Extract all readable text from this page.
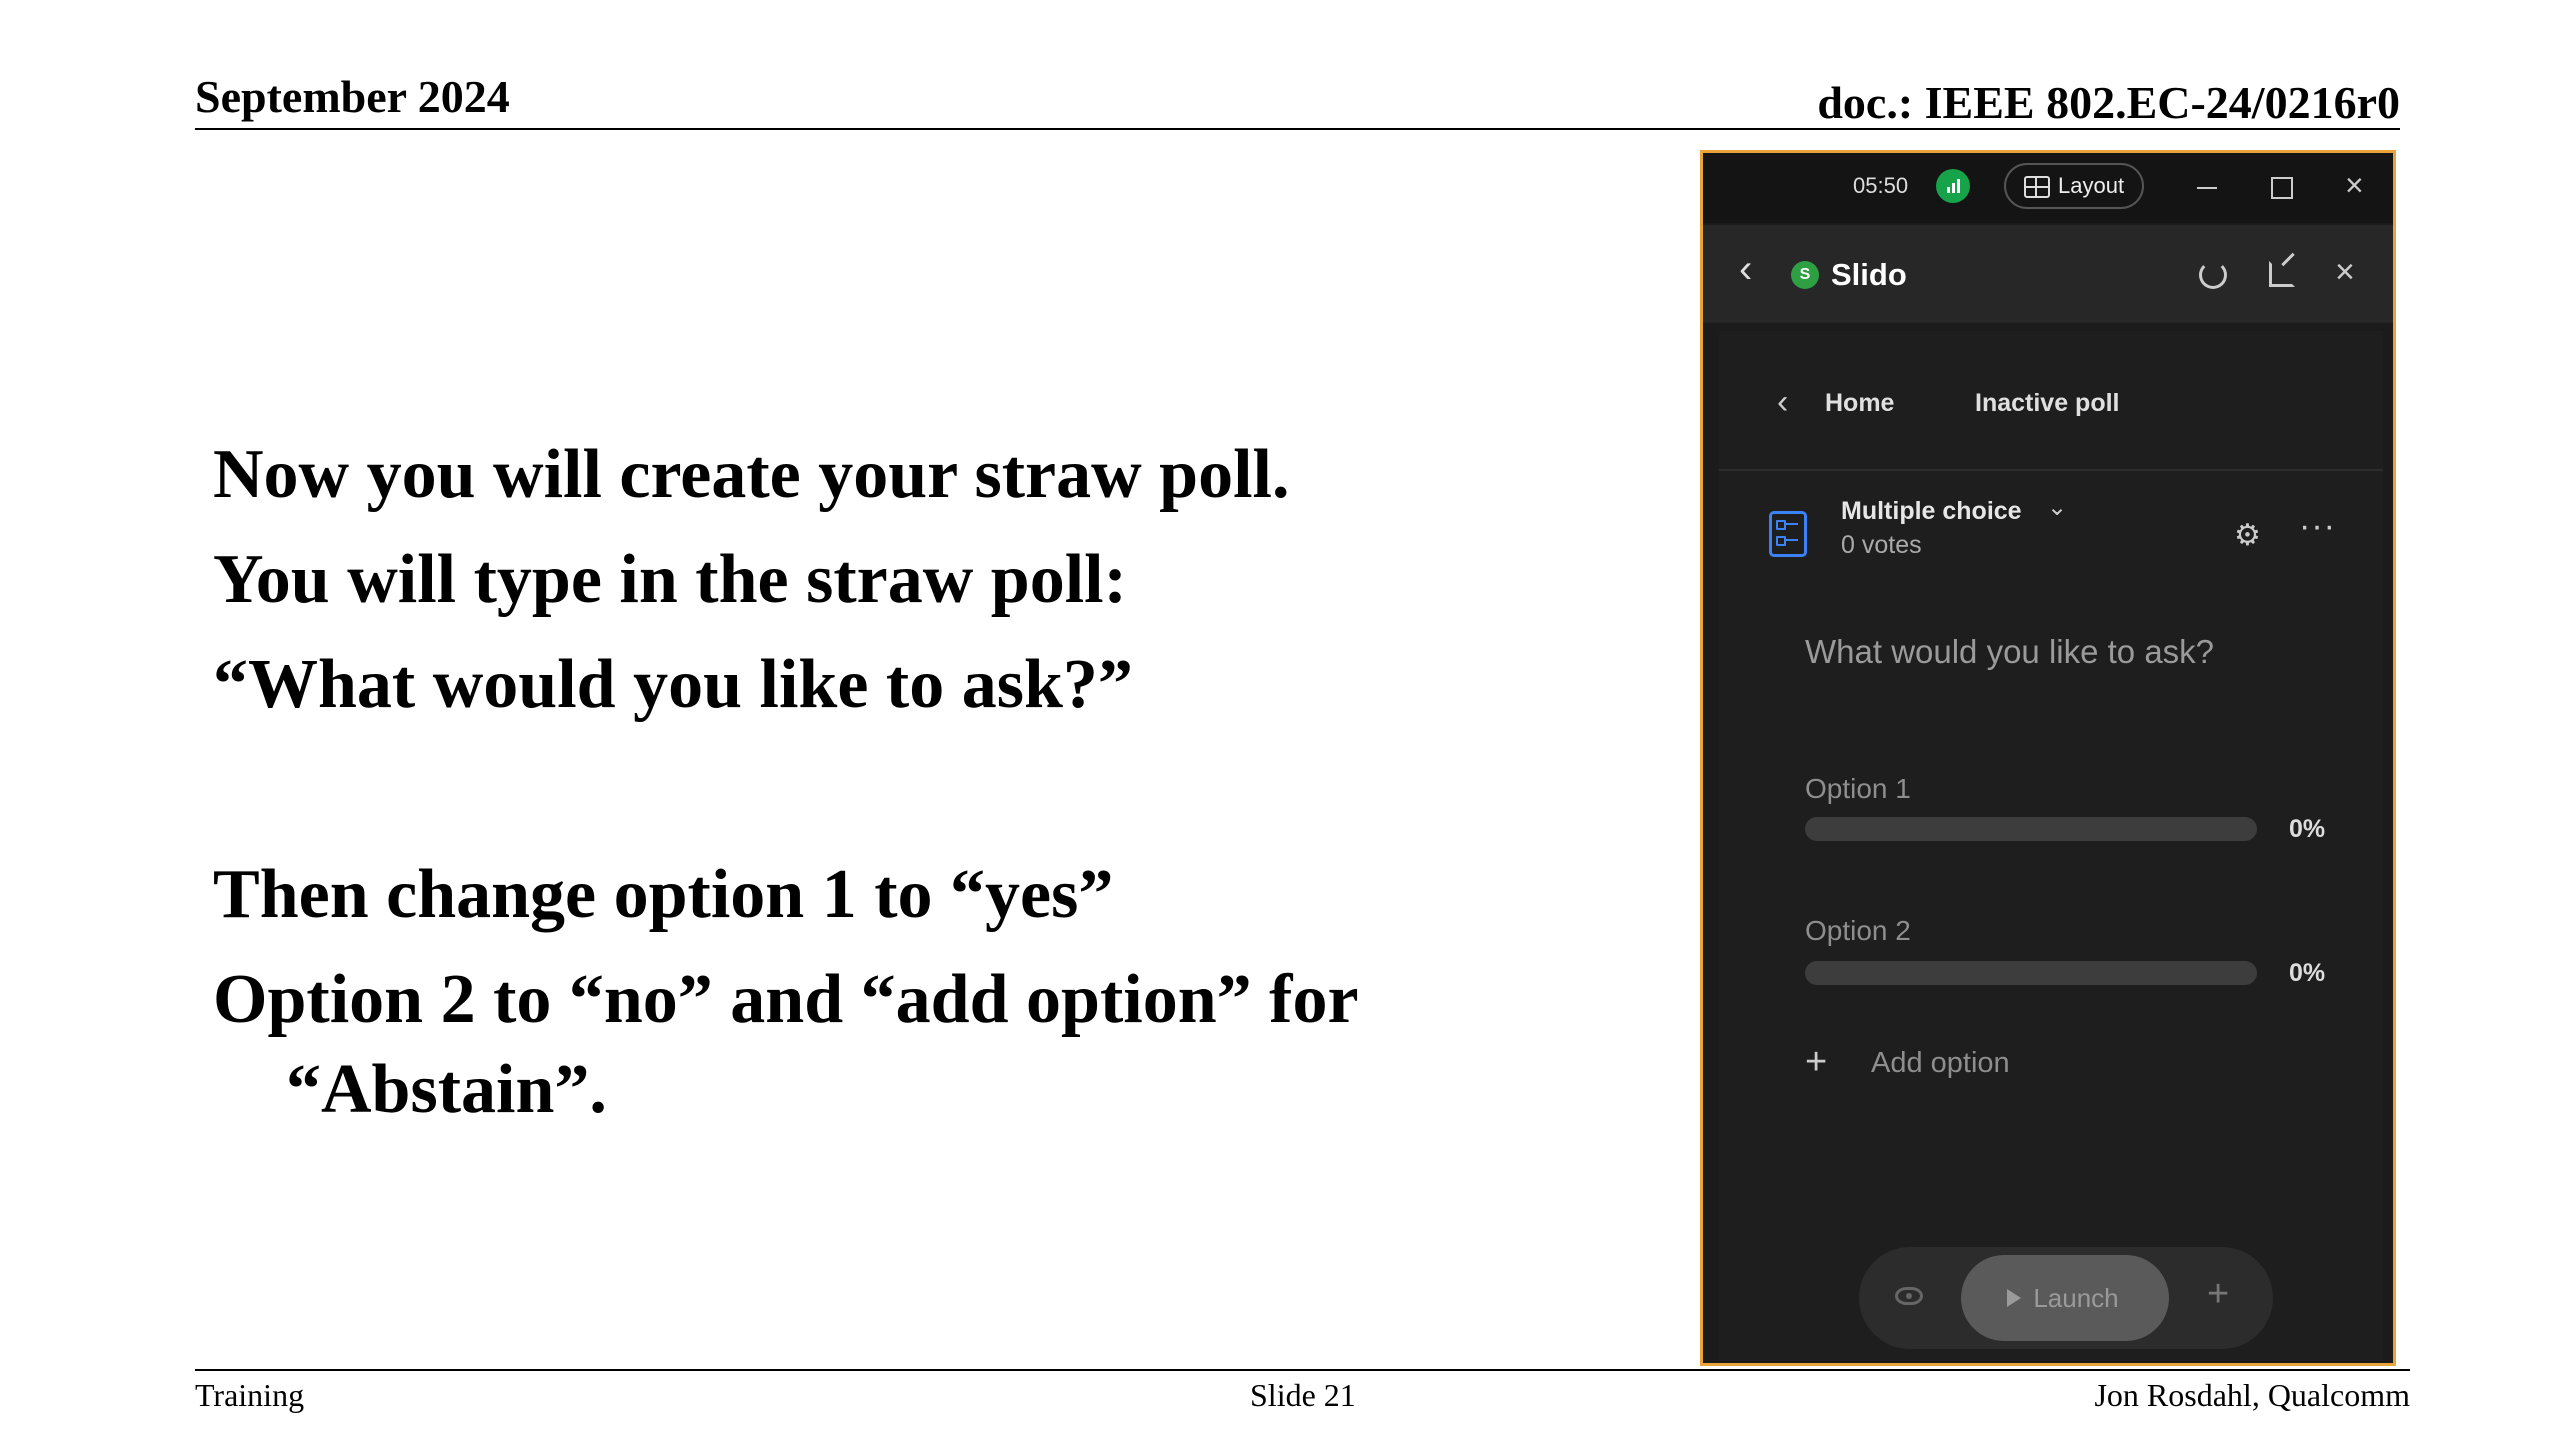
September 2024	doc.: IEEE 802.EC-24/0216r0

Now you will create your straw poll.

You will type in the straw poll:

“What would you like to ask?”

Then change option 1 to “yes”

Option 2 to “no” and “add option” for “Abstain”.

05:50	Layout	×
‹	S Slido	×
‹ Home	Inactive poll
Multiple choice ⌄
0 votes	⚙ ···
What would you like to ask?
Option 1
0%
Option 2
0%
+ Add option
Launch	+
Training	Slide 21	Jon Rosdahl, Qualcomm
